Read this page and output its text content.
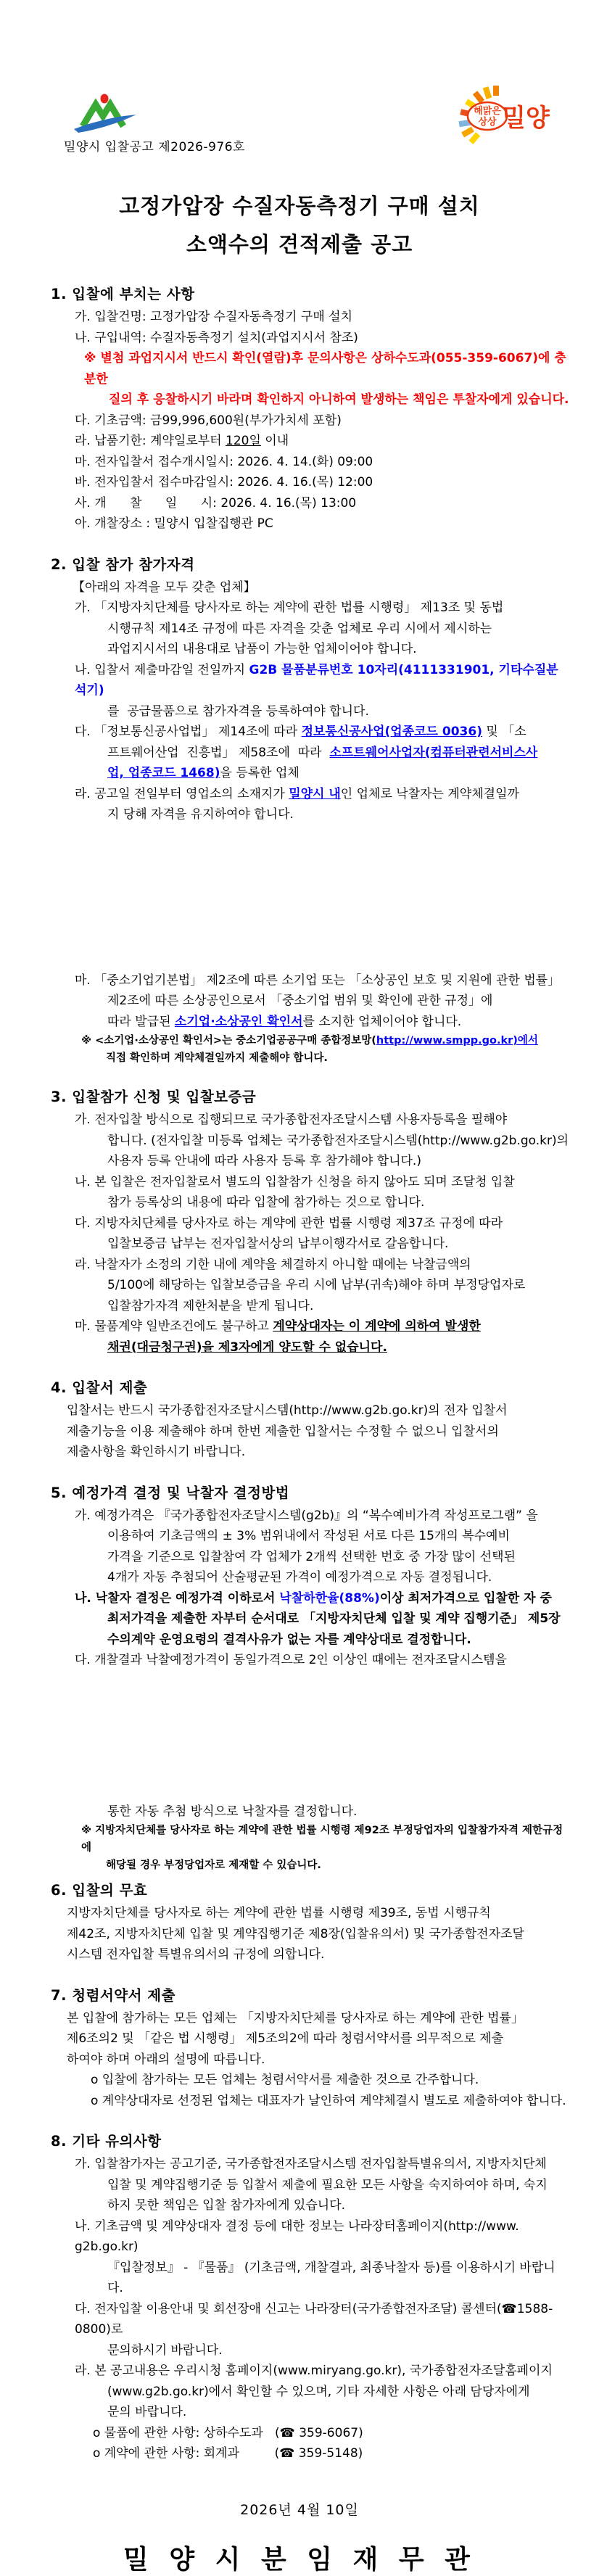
해맑은
상상 밀양
밀양시 입찰공고 제2026-976호
고정가압장 수질자동측정기 구매 설치
소액수의 견적제출 공고
1. 입찰에 부치는 사항
가. 입찰건명: 고정가압장 수질자동측정기 구매 설치
나. 구입내역: 수질자동측정기 설치(과업지시서 참조)
※ 별첨 과업지시서 반드시 확인(열람)후 문의사항은 상하수도과(055-359-6067)에 충분한
질의 후 응찰하시기 바라며 확인하지 아니하여 발생하는 책임은 투찰자에게 있습니다.
다. 기초금액: 금99,996,600원(부가가치세 포함)
라. 납품기한: 계약일로부터 120일 이내
마. 전자입찰서 접수개시일시: 2026. 4. 14.(화) 09:00
바. 전자입찰서 접수마감일시: 2026. 4. 16.(목) 12:00
사. 개      찰      일      시: 2026. 4. 16.(목) 13:00
아. 개찰장소 : 밀양시 입찰집행관 PC
2. 입찰 참가 참가자격
【아래의 자격을 모두 갖춘 업체】
가. 「지방자치단체를 당사자로 하는 계약에 관한 법률 시행령」 제13조 및 동법
시행규칙 제14조 규정에 따른 자격을 갖춘 업체로 우리 시에서 제시하는
과업지시서의 내용대로 납품이 가능한 업체이어야 합니다.
나. 입찰서 제출마감일 전일까지 G2B 물품분류번호 10자리(4111331901, 기타수질분석기)
를  공급물품으로 참가자격을 등록하여야 합니다.
다. 「정보통신공사업법」 제14조에 따라 정보통신공사업(업종코드 0036) 및 「소
프트웨어산업  진흥법」 제58조에  따라  소프트웨어사업자(컴퓨터관련서비스사
업, 업종코드 1468)을 등록한 업체
라. 공고일 전일부터 영업소의 소재지가 밀양시 내인 업체로 낙찰자는 계약체결일까
지 당해 자격을 유지하여야 합니다.
마. 「중소기업기본법」 제2조에 따른 소기업 또는 「소상공인 보호 및 지원에 관한 법률」
제2조에 따른 소상공인으로서 「중소기업 범위 및 확인에 관한 규정」에
따라 발급된 소기업·소상공인 확인서를 소지한 업체이어야 합니다.
※ <소기업·소상공인 확인서>는 중소기업공공구매 종합정보망(http://www.smpp.go.kr)에서
직접 확인하며 계약체결일까지 제출해야 합니다.
3. 입찰참가 신청 및 입찰보증금
가. 전자입찰 방식으로 집행되므로 국가종합전자조달시스템 사용자등록을 필해야
합니다. (전자입찰 미등록 업체는 국가종합전자조달시스템(http://www.g2b.go.kr)의
사용자 등록 안내에 따라 사용자 등록 후 참가해야 합니다.)
나. 본 입찰은 전자입찰로서 별도의 입찰참가 신청을 하지 않아도 되며 조달청 입찰
참가 등록상의 내용에 따라 입찰에 참가하는 것으로 합니다.
다. 지방자치단체를 당사자로 하는 계약에 관한 법률 시행령 제37조 규정에 따라
입찰보증금 납부는 전자입찰서상의 납부이행각서로 갈음합니다.
라. 낙찰자가 소정의 기한 내에 계약을 체결하지 아니할 때에는 낙찰금액의
5/100에 해당하는 입찰보증금을 우리 시에 납부(귀속)해야 하며 부정당업자로
입찰참가자격 제한처분을 받게 됩니다.
마. 물품계약 일반조건에도 불구하고 계약상대자는 이 계약에 의하여 발생한
채권(대금청구권)을 제3자에게 양도할 수 없습니다.
4. 입찰서 제출
입찰서는 반드시 국가종합전자조달시스템(http://www.g2b.go.kr)의 전자 입찰서
제출기능을 이용 제출해야 하며 한번 제출한 입찰서는 수정할 수 없으니 입찰서의
제출사항을 확인하시기 바랍니다.
5. 예정가격 결정 및 낙찰자 결정방법
가. 예정가격은 『국가종합전자조달시스템(g2b)』의 “복수예비가격 작성프로그램” 을
이용하여 기초금액의 ± 3% 범위내에서 작성된 서로 다른 15개의 복수예비
가격을 기준으로 입찰참여 각 업체가 2개씩 선택한 번호 중 가장 많이 선택된
4개가 자동 추첨되어 산술평균된 가격이 예정가격으로 자동 결정됩니다.
나. 낙찰자 결정은 예정가격 이하로서 낙찰하한율(88%)이상 최저가격으로 입찰한 자 중
최저가격을 제출한 자부터 순서대로 「지방자치단체 입찰 및 계약 집행기준」 제5장
수의계약 운영요령의 결격사유가 없는 자를 계약상대로 결정합니다.
다. 개찰결과 낙찰예정가격이 동일가격으로 2인 이상인 때에는 전자조달시스템을
통한 자동 추첨 방식으로 낙찰자를 결정합니다.
※ 지방자치단체를 당사자로 하는 계약에 관한 법률 시행령 제92조 부정당업자의 입찰참가자격 제한규정에
해당될 경우 부정당업자로 제재할 수 있습니다.
6. 입찰의 무효
지방자치단체를 당사자로 하는 계약에 관한 법률 시행령 제39조, 동법 시행규칙
제42조, 지방자치단체 입찰 및 계약집행기준 제8장(입찰유의서) 및 국가종합전자조달
시스템 전자입찰 특별유의서의 규정에 의합니다.
7. 청렴서약서 제출
본 입찰에 참가하는 모든 업체는 「지방자치단체를 당사자로 하는 계약에 관한 법률」
제6조의2 및 「같은 법 시행령」 제5조의2에 따라 청렴서약서를 의무적으로 제출
하여야 하며 아래의 설명에 따릅니다.
o 입찰에 참가하는 모든 업체는 청렴서약서를 제출한 것으로 간주합니다.
o 계약상대자로 선정된 업체는 대표자가 날인하여 계약체결시 별도로 제출하여야 합니다.
8. 기타 유의사항
가. 입찰참가자는 공고기준, 국가종합전자조달시스템 전자입찰특별유의서, 지방자치단체
입찰 및 계약집행기준 등 입찰서 제출에 필요한 모든 사항을 숙지하여야 하며, 숙지
하지 못한 책임은 입찰 참가자에게 있습니다.
나. 기초금액 및 계약상대자 결정 등에 대한 정보는 나라장터홈페이지(http://www. g2b.go.kr)
『입찰정보』 - 『물품』 (기초금액, 개찰결과, 최종낙찰자 등)를 이용하시기 바랍니다.
다. 전자입찰 이용안내 및 회선장애 신고는 나라장터(국가종합전자조달) 콜센터(☎1588-0800)로
문의하시기 바랍니다.
라. 본 공고내용은 우리시청 홈페이지(www.miryang.go.kr), 국가종합전자조달홈페이지
(www.g2b.go.kr)에서 확인할 수 있으며, 기타 자세한 사항은 아래 담당자에게
문의 바랍니다.
o 물품에 관한 사항: 상하수도과   (☎ 359-6067)
o 계약에 관한 사항: 회계과         (☎ 359-5148)
2026년 4월 10일
밀 양 시 분 임 재 무 관
